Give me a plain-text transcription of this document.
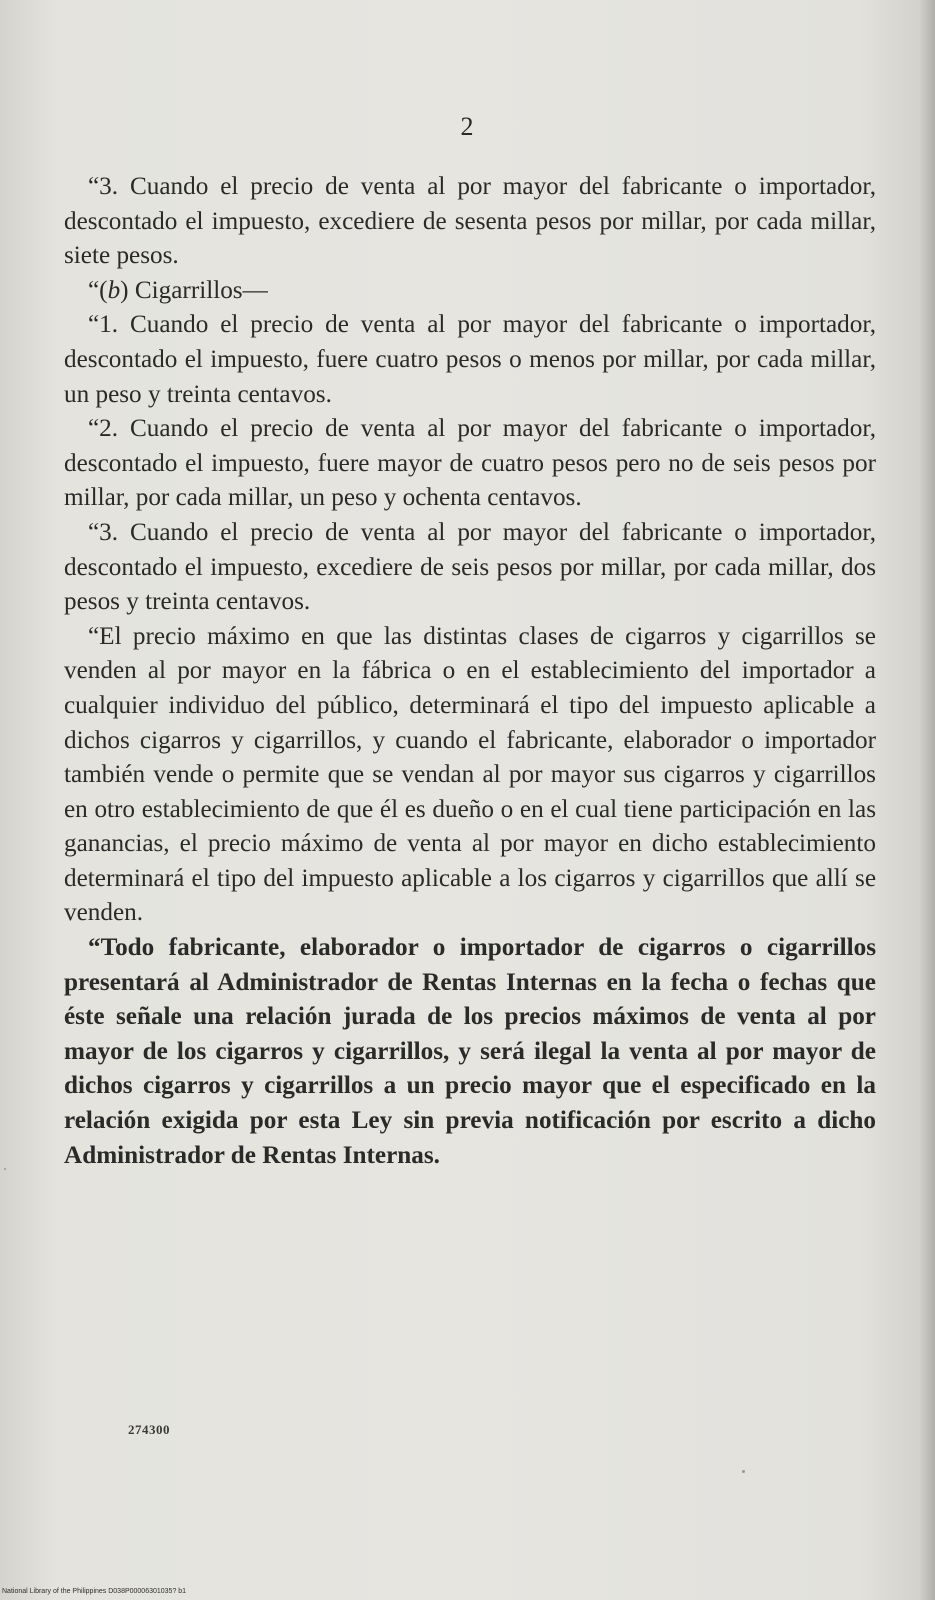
2

“3. Cuando el precio de venta al por mayor del fabricante o importador, descontado el impuesto, excediere de sesenta pesos por millar, por cada millar, siete pesos.

“(b) Cigarrillos—

“1. Cuando el precio de venta al por mayor del fabricante o importador, descontado el impuesto, fuere cuatro pesos o menos por millar, por cada millar, un peso y treinta centavos.

“2. Cuando el precio de venta al por mayor del fabricante o importador, descontado el impuesto, fuere mayor de cuatro pesos pero no de seis pesos por millar, por cada millar, un peso y ochenta centavos.

“3. Cuando el precio de venta al por mayor del fabricante o importador, descontado el impuesto, excediere de seis pesos por millar, por cada millar, dos pesos y treinta centavos.

“El precio máximo en que las distintas clases de cigarros y cigarrillos se venden al por mayor en la fábrica o en el establecimiento del importador a cualquier individuo del público, determinará el tipo del impuesto aplicable a dichos cigarros y cigarrillos, y cuando el fabricante, elaborador o importador también vende o permite que se vendan al por mayor sus cigarros y cigarrillos en otro establecimiento de que él es dueño o en el cual tiene participación en las ganancias, el precio máximo de venta al por mayor en dicho establecimiento determinará el tipo del impuesto aplicable a los cigarros y cigarrillos que allí se venden.

“Todo fabricante, elaborador o importador de cigarros o cigarrillos presentará al Administrador de Rentas Internas en la fecha o fechas que éste señale una relación jurada de los precios máximos de venta al por mayor de los cigarros y cigarrillos, y será ilegal la venta al por mayor de dichos cigarros y cigarrillos a un precio mayor que el especificado en la relación exigida por esta Ley sin previa notificación por escrito a dicho Administrador de Rentas Internas.

274300
National Library of the Philippines D038P00006301035? b1
